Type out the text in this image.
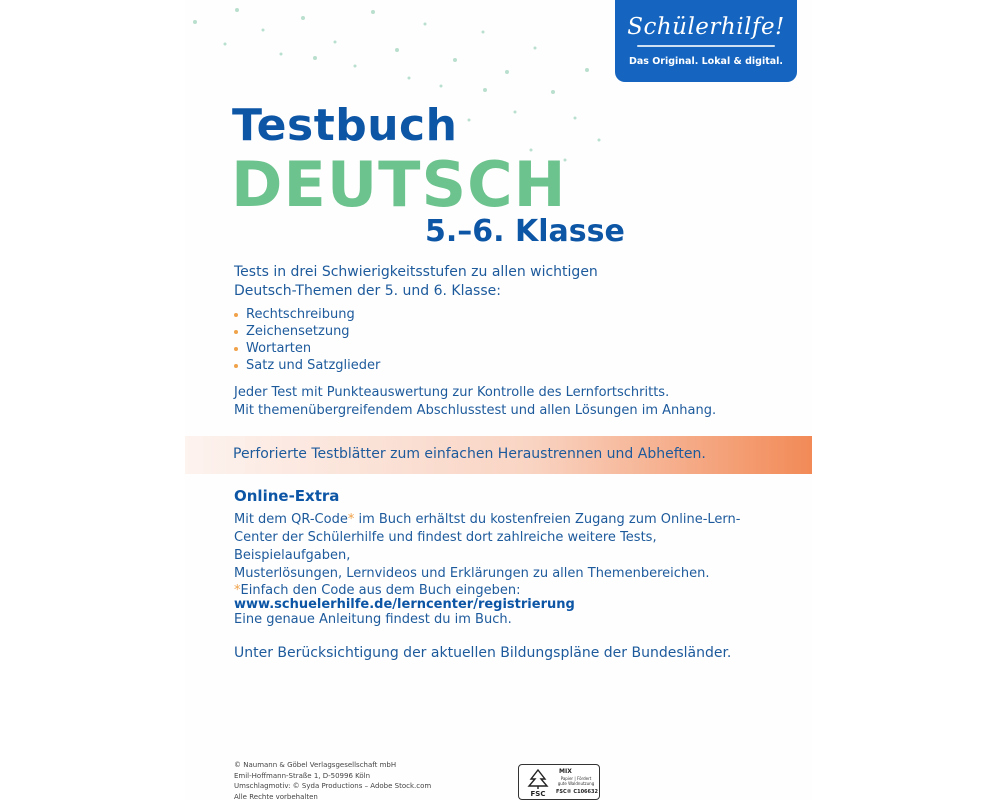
Schülerhilfe!
Das Original. Lokal & digital.
Testbuch
DEUTSCH
5.–6. Klasse
Tests in drei Schwierigkeitsstufen zu allen wichtigen
Deutsch-Themen der 5. und 6. Klasse:
Rechtschreibung
Zeichensetzung
Wortarten
Satz und Satzglieder
Jeder Test mit Punkteauswertung zur Kontrolle des Lernfortschritts.
Mit themenübergreifendem Abschlusstest und allen Lösungen im Anhang.
Perforierte Testblätter zum einfachen Heraustrennen und Abheften.
Online-Extra
Mit dem QR-Code* im Buch erhältst du kostenfreien Zugang zum Online-Lern-
Center der Schülerhilfe und findest dort zahlreiche weitere Tests, Beispielaufgaben,
Musterlösungen, Lernvideos und Erklärungen zu allen Themenbereichen.
*Einfach den Code aus dem Buch eingeben:
www.schuelerhilfe.de/lerncenter/registrierung
Eine genaue Anleitung findest du im Buch.
Unter Berücksichtigung der aktuellen Bildungspläne der Bundesländer.
© Naumann & Göbel Verlagsgesellschaft mbH
Emil-Hoffmann-Straße 1, D-50996 Köln
Umschlagmotiv: © Syda Productions – Adobe Stock.com
Alle Rechte vorbehalten	FSC
MIX
Papier | Fördert
gute Waldnutzung
FSC® C106632
